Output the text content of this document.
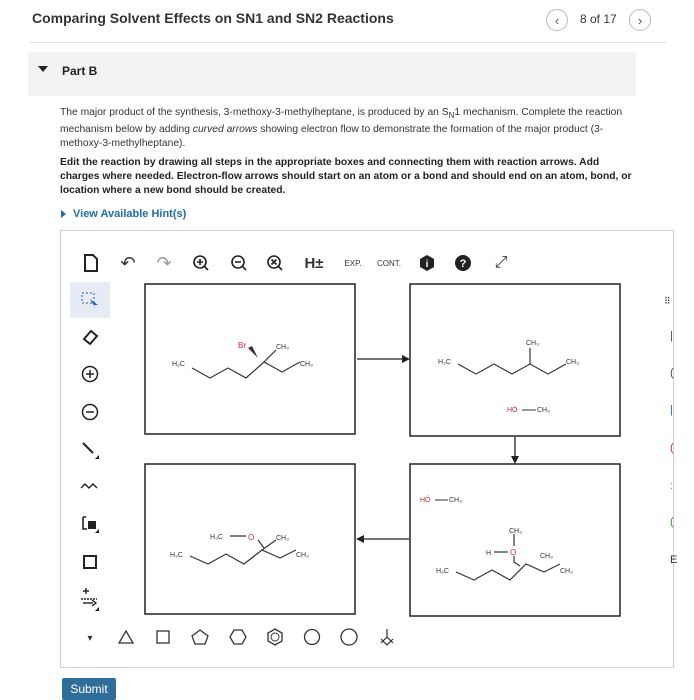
Comparing Solvent Effects on SN1 and SN2 Reactions	‹ 8 of 17 ›
Part B
The major product of the synthesis, 3-methoxy-3-methylheptane, is produced by an $S_N1$ mechanism. Complete the reaction mechanism below by adding curved arrows showing electron flow to demonstrate the formation of the major product (3-methoxy-3-methylheptane).
Edit the reaction by drawing all steps in the appropriate boxes and connecting them with reaction arrows. Add charges where needed. Electron-flow arrows should start on an atom or a bond and should end on an atom, bond, or location where a new bond should be created.
View Available Hint(s)
↶ ↷	H±	EXP.	CONT.	i	? ⤢
▾
Br	CH₃
H₃C	CH₃
CH₃
H₃C	CH₃
HÖ	CH₃
HÖ	CH₃
CH₃
H O	CH₃
H₃C	CH₃
H₃C	O	CH₃
H₃C	CH₃
⠿
|
(
|
(
:
(
E
Submit
